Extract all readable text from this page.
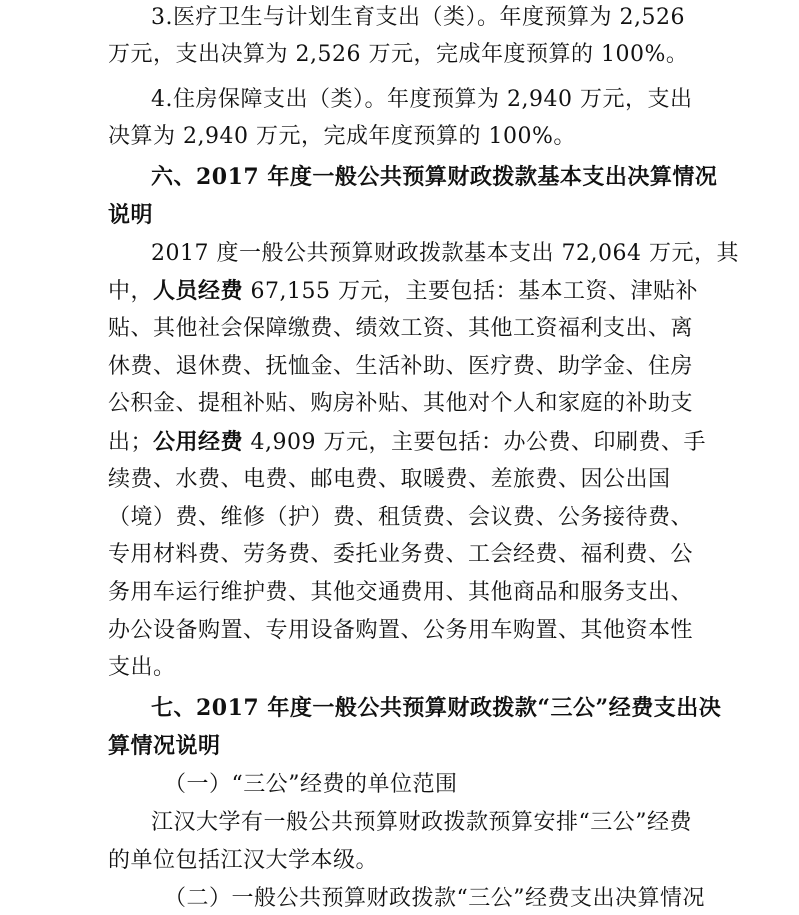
3.医疗卫生与计划生育支出（类）。年度预算为 2,526
万元，支出决算为 2,526 万元，完成年度预算的 100%。
4.住房保障支出（类）。年度预算为 2,940 万元，支出
决算为 2,940 万元，完成年度预算的 100%。
六、2017 年度一般公共预算财政拨款基本支出决算情况
说明
2017 度一般公共预算财政拨款基本支出 72,064 万元，其
中，人员经费 67,155 万元，主要包括：基本工资、津贴补
贴、其他社会保障缴费、绩效工资、其他工资福利支出、离
休费、退休费、抚恤金、生活补助、医疗费、助学金、住房
公积金、提租补贴、购房补贴、其他对个人和家庭的补助支
出；公用经费 4,909 万元，主要包括：办公费、印刷费、手
续费、水费、电费、邮电费、取暖费、差旅费、因公出国
（境）费、维修（护）费、租赁费、会议费、公务接待费、
专用材料费、劳务费、委托业务费、工会经费、福利费、公
务用车运行维护费、其他交通费用、其他商品和服务支出、
办公设备购置、专用设备购置、公务用车购置、其他资本性
支出。
七、2017 年度一般公共预算财政拨款“三公”经费支出决
算情况说明
（一）“三公”经费的单位范围
江汉大学有一般公共预算财政拨款预算安排“三公”经费
的单位包括江汉大学本级。
（二）一般公共预算财政拨款“三公”经费支出决算情况
